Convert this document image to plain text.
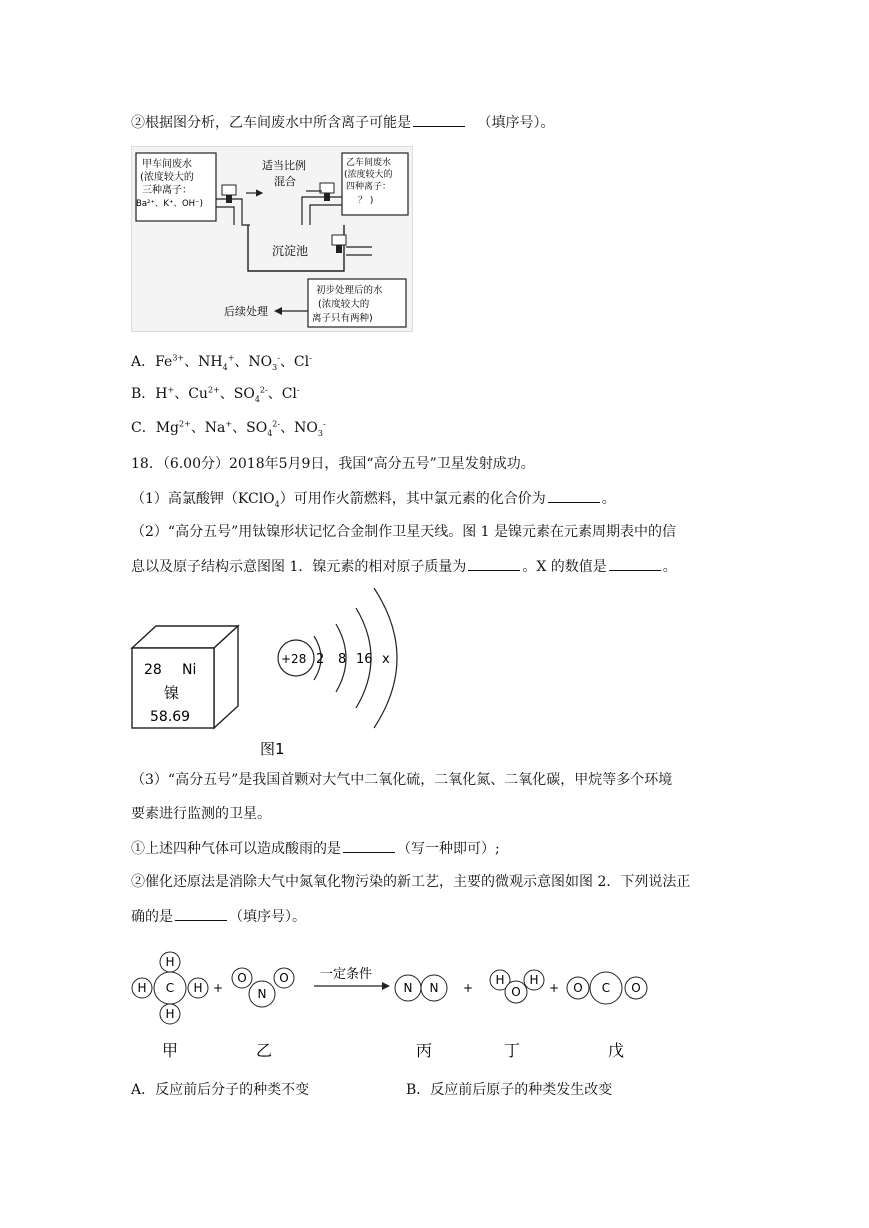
②根据图分析，乙车间废水中所含离子可能是	（填序号）。
甲车间废水
(浓度较大的
三种离子：
Ba²⁺、K⁺、OH⁻)
适当比例
混合
乙车间废水
(浓度较大的
四种离子：
？ )
沉淀池
初步处理后的水
(浓度较大的
离子只有两种)
后续处理
A．$Fe^{3+}$、$NH_4^+$、$NO_3^-$、Cl-
B．H+、$Cu^{2+}$、$SO_4^{2-}$、Cl-
C．$Mg^{2+}$、Na+、$SO_4^{2-}$、$NO_3^-$
18．（6.00分）2018年5月9日，我国“高分五号”卫星发射成功。
（1）高氯酸钾（KClO$_4$）可用作火箭燃料，其中氯元素的化合价为	。
（2）“高分五号”用钛镍形状记忆合金制作卫星天线。图 1 是镍元素在元素周期表中的信
息以及原子结构示意图图 1．镍元素的相对原子质量为	。X 的数值是	。
28 Ni
镍
58.69
+28 2 8 16 x
图1
（3）“高分五号”是我国首颗对大气中二氧化硫，二氧化氮、二氧化碳，甲烷等多个环境
要素进行监测的卫星。
①上述四种气体可以造成酸雨的是	（写一种即可）;
②催化还原法是消除大气中氮氧化物污染的新工艺，主要的微观示意图如图 2．下列说法正
确的是	（填序号）。
H
H C H
H
+
O
N
O 一定条件
N N +
H
O
H
+ O C O
甲	乙	丙	丁	戊
A．反应前后分子的种类不变	B．反应前后原子的种类发生改变
